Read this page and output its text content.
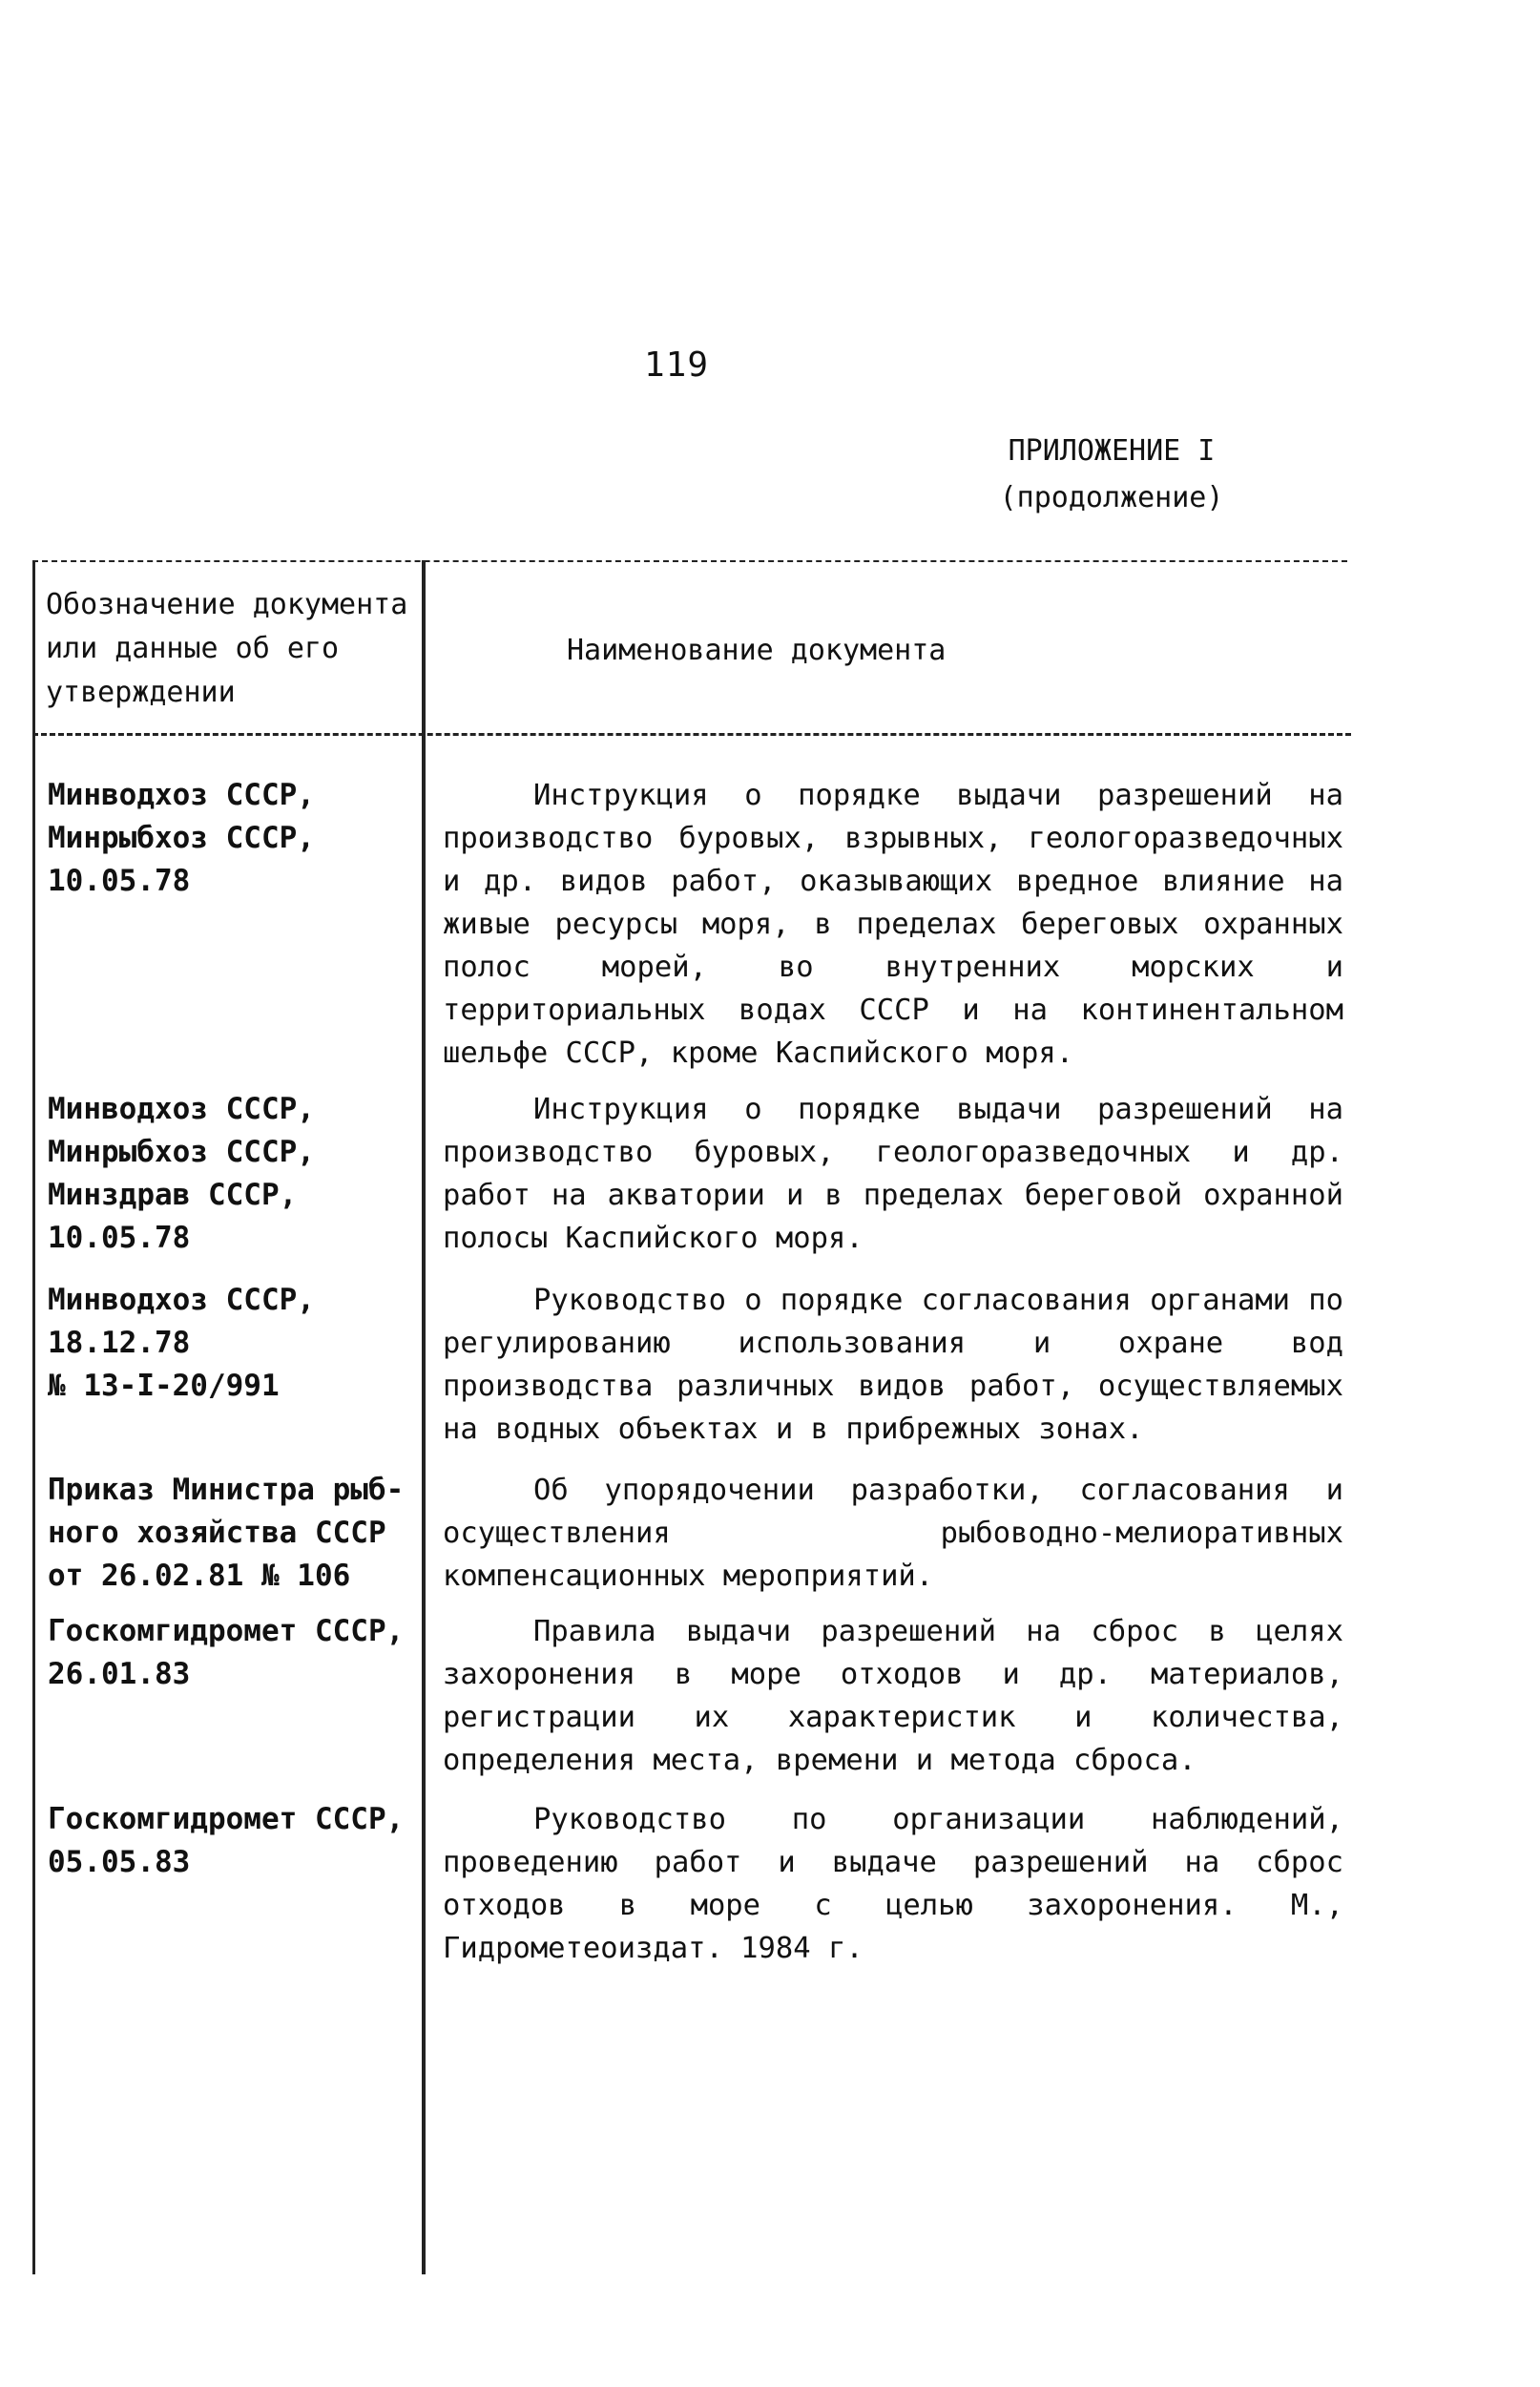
119
ПРИЛОЖЕНИЕ I
(продолжение)
Обозначение документа
или данные об его
утверждении
Наименование документа
Минводхоз СССР,
Минрыбхоз СССР,
10.05.78
Инструкция о порядке выдачи разрешений на производство буровых, взрывных, геологоразведочных и др. видов работ, оказывающих вредное влияние на живые ресурсы моря, в пределах береговых охранных полос морей, во внутренних морских и территориальных водах СССР и на континентальном шельфе СССР, кроме Каспийского моря.
Минводхоз СССР,
Минрыбхоз СССР,
Минздрав СССР,
10.05.78
Инструкция о порядке выдачи разрешений на производство буровых, геологоразведочных и др. работ на акватории и в пределах береговой охранной полосы Каспийского моря.
Минводхоз СССР,
18.12.78
№ 13-I-20/991
Руководство о порядке согласования органами по регулированию использования и охране вод производства различных видов работ, осуществляемых на водных объектах и в прибрежных зонах.
Приказ Министра рыб-
ного хозяйства СССР
от 26.02.81 № 106
Об упорядочении разработки, согласования и осуществления рыбоводно-мелиоративных компенсационных мероприятий.
Госкомгидромет СССР,
26.01.83
Правила выдачи разрешений на сброс в целях захоронения в море отходов и др. материалов, регистрации их характеристик и количества, определения места, времени и метода сброса.
Госкомгидромет СССР,
05.05.83
Руководство по организации наблюдений, проведению работ и выдаче разрешений на сброс отходов в море с целью захоронения. М., Гидрометеоиздат. 1984 г.
